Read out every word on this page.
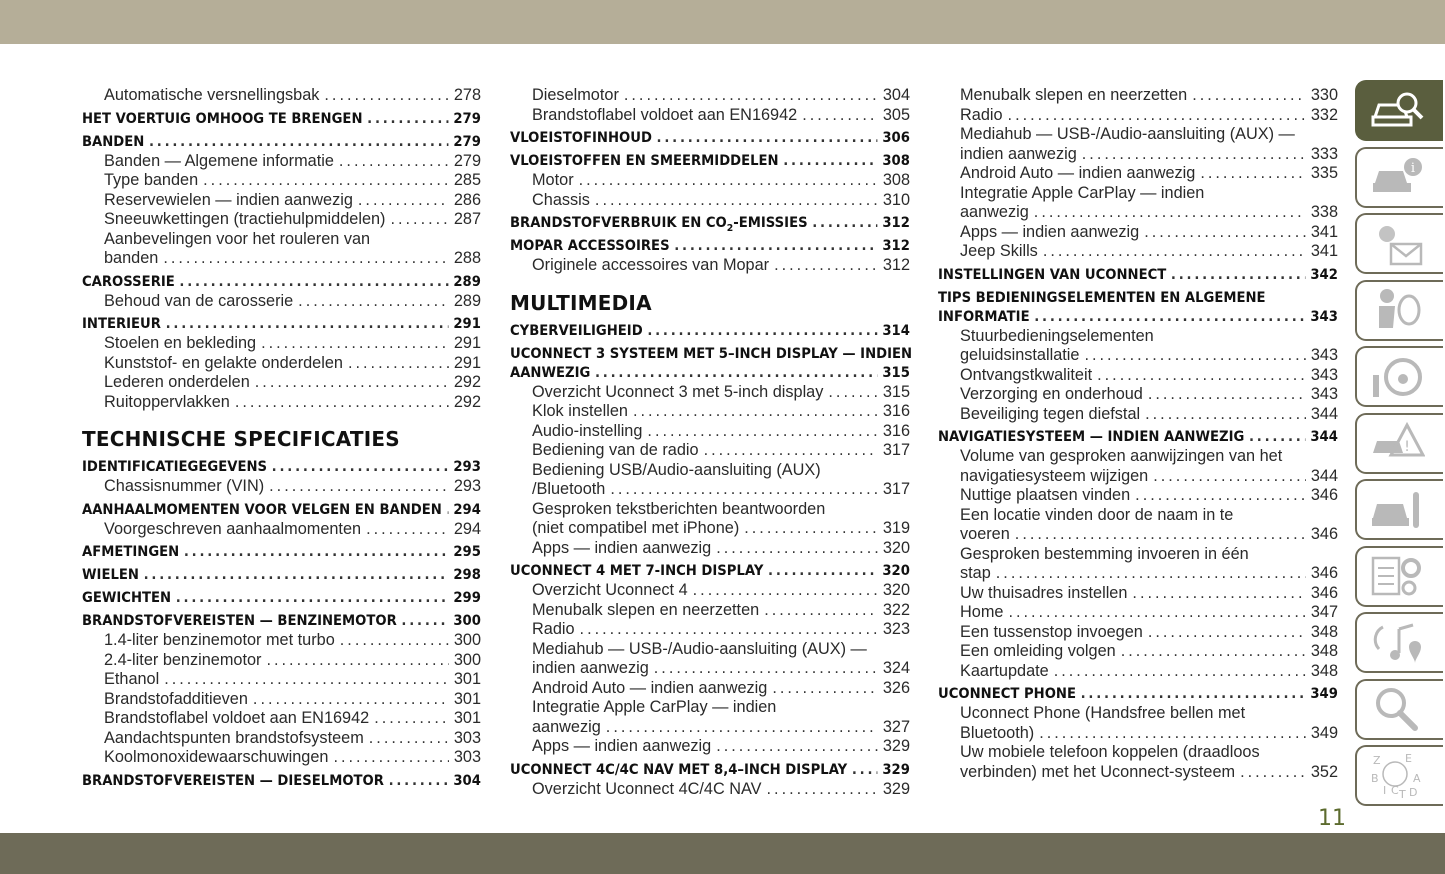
Automatische versnellingsbak .....	278
HET VOERTUIG OMHOOG TE BRENGEN .....	279
BANDEN .....	279
Banden — Algemene informatie .....	279
Type banden .....	285
Reservewielen — indien aanwezig .....	286
Sneeuwkettingen (tractiehulpmiddelen) .....	287
Aanbevelingen voor het rouleren van
banden .....	288
CAROSSERIE .....	289
Behoud van de carosserie .....	289
INTERIEUR .....	291
Stoelen en bekleding .....	291
Kunststof- en gelakte onderdelen .....	291
Lederen onderdelen .....	292
Ruitoppervlakken .....	292
TECHNISCHE SPECIFICATIES
IDENTIFICATIEGEGEVENS .....	293
Chassisnummer (VIN) .....	293
AANHAALMOMENTEN VOOR VELGEN EN BANDEN ..... 294
Voorgeschreven aanhaalmomenten .....	294
AFMETINGEN .....	295
WIELEN .....	298
GEWICHTEN .....	299
BRANDSTOFVEREISTEN — BENZINEMOTOR .....	300
1.4-liter benzinemotor met turbo .....	300
2.4-liter benzinemotor .....	300
Ethanol .....	301
Brandstofadditieven .....	301
Brandstoflabel voldoet aan EN16942 .....	301
Aandachtspunten brandstofsysteem .....	303
Koolmonoxidewaarschuwingen .....	303
BRANDSTOFVEREISTEN — DIESELMOTOR .....	304
Dieselmotor .....	304
Brandstoflabel voldoet aan EN16942 .....	305
VLOEISTOFINHOUD .....	306
VLOEISTOFFEN EN SMEERMIDDELEN .....	308
Motor .....	308
Chassis .....	310
BRANDSTOFVERBRUIK EN $CO_2$-EMISSIES .....	312
MOPAR ACCESSOIRES .....	312
Originele accessoires van Mopar .....	312
MULTIMEDIA
CYBERVEILIGHEID .....	314
UCONNECT 3 SYSTEEM MET 5–INCH DISPLAY — INDIEN
AANWEZIG .....	315
Overzicht Uconnect 3 met 5-inch display .....	315
Klok instellen .....	316
Audio-instelling .....	316
Bediening van de radio .....	317
Bediening USB/Audio-aansluiting (AUX)
/Bluetooth .....	317
Gesproken tekstberichten beantwoorden
(niet compatibel met iPhone) .....	319
Apps — indien aanwezig .....	320
UCONNECT 4 MET 7-INCH DISPLAY .....	320
Overzicht Uconnect 4 .....	320
Menubalk slepen en neerzetten .....	322
Radio .....	323
Mediahub — USB-/Audio-aansluiting (AUX) —
indien aanwezig .....	324
Android Auto — indien aanwezig .....	326
Integratie Apple CarPlay — indien
aanwezig .....	327
Apps — indien aanwezig .....	329
UCONNECT 4C/4C NAV MET 8,4–INCH DISPLAY ..... 329
Overzicht Uconnect 4C/4C NAV .....	329
Menubalk slepen en neerzetten .....	330
Radio .....	332
Mediahub — USB-/Audio-aansluiting (AUX) —
indien aanwezig .....	333
Android Auto — indien aanwezig .....	335
Integratie Apple CarPlay — indien
aanwezig .....	338
Apps — indien aanwezig .....	341
Jeep Skills .....	341
INSTELLINGEN VAN UCONNECT .....	342
TIPS BEDIENINGSELEMENTEN EN ALGEMENE
INFORMATIE .....	343
Stuurbedieningselementen
geluidsinstallatie .....	343
Ontvangstkwaliteit .....	343
Verzorging en onderhoud .....	343
Beveiliging tegen diefstal .....	344
NAVIGATIESYSTEEM — INDIEN AANWEZIG .....	344
Volume van gesproken aanwijzingen van het
navigatiesysteem wijzigen .....	344
Nuttige plaatsen vinden .....	346
Een locatie vinden door de naam in te
voeren .....	346
Gesproken bestemming invoeren in één
stap .....	346
Uw thuisadres instellen .....	346
Home .....	347
Een tussenstop invoegen .....	348
Een omleiding volgen .....	348
Kaartupdate .....	348
UCONNECT PHONE .....	349
Uconnect Phone (Handsfree bellen met
Bluetooth) .....	349
Uw mobiele telefoon koppelen (draadloos
verbinden) met het Uconnect-systeem .....	352
i
!
Z E
B	A
I C T D
11
